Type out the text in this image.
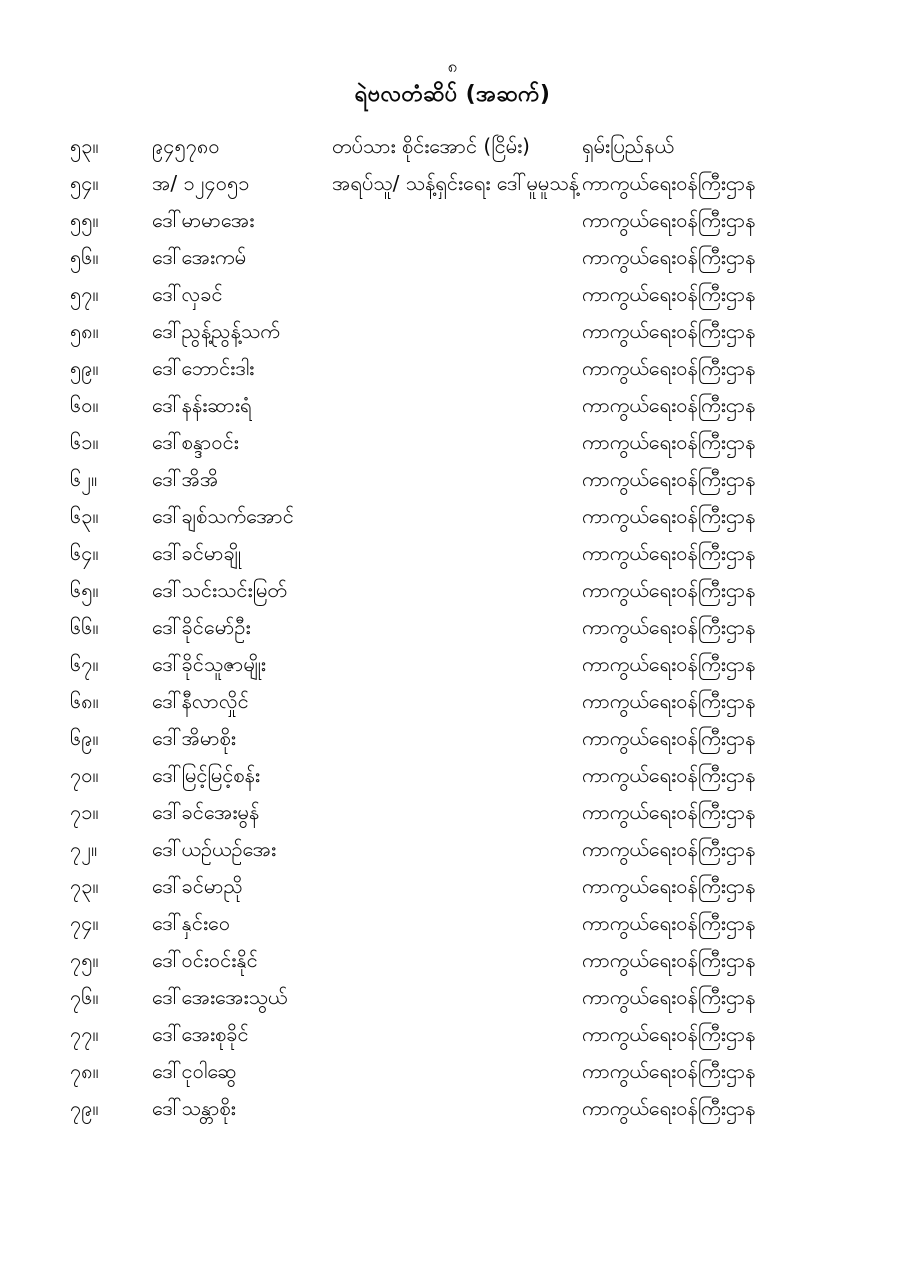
၈
ရဲဗလတံဆိပ် (အဆက်)
၅၃။	၉၄၅၇၈၀	တပ်သား စိုင်းအောင် (ငြိမ်း)	ရှမ်းပြည်နယ်
၅၄။	အ/ ၁၂၄၀၅၁	အရပ်သူ/ သန့်ရှင်းရေး ဒေါ်မူမူသန့်	ကာကွယ်ရေးဝန်ကြီးဌာန
၅၅။	ဒေါ်မာမာအေး		ကာကွယ်ရေးဝန်ကြီးဌာန
၅၆။	ဒေါ်အေးကမ်		ကာကွယ်ရေးဝန်ကြီးဌာန
၅၇။	ဒေါ်လှခင်		ကာကွယ်ရေးဝန်ကြီးဌာန
၅၈။	ဒေါ်ညွန့်ညွန့်သက်		ကာကွယ်ရေးဝန်ကြီးဌာန
၅၉။	ဒေါ်ဘောင်းဒါး		ကာကွယ်ရေးဝန်ကြီးဌာန
၆၀။	ဒေါ်နန်းဆားရံ		ကာကွယ်ရေးဝန်ကြီးဌာန
၆၁။	ဒေါ်စန္ဒာဝင်း		ကာကွယ်ရေးဝန်ကြီးဌာန
၆၂။	ဒေါ်အိအိ		ကာကွယ်ရေးဝန်ကြီးဌာန
၆၃။	ဒေါ်ချစ်သက်အောင်		ကာကွယ်ရေးဝန်ကြီးဌာန
၆၄။	ဒေါ်ခင်မာချို		ကာကွယ်ရေးဝန်ကြီးဌာန
၆၅။	ဒေါ်သင်းသင်းမြတ်		ကာကွယ်ရေးဝန်ကြီးဌာန
၆၆။	ဒေါ်ခိုင်မော်ဦး		ကာကွယ်ရေးဝန်ကြီးဌာန
၆၇။	ဒေါ်ခိုင်သူဇာမျိုး		ကာကွယ်ရေးဝန်ကြီးဌာန
၆၈။	ဒေါ်နီလာလှိုင်		ကာကွယ်ရေးဝန်ကြီးဌာန
၆၉။	ဒေါ်အိမာစိုး		ကာကွယ်ရေးဝန်ကြီးဌာန
၇၀။	ဒေါ်မြင့်မြင့်စန်း		ကာကွယ်ရေးဝန်ကြီးဌာန
၇၁။	ဒေါ်ခင်အေးမွန်		ကာကွယ်ရေးဝန်ကြီးဌာန
၇၂။	ဒေါ်ယဉ်ယဉ်အေး		ကာကွယ်ရေးဝန်ကြီးဌာန
၇၃။	ဒေါ်ခင်မာညို		ကာကွယ်ရေးဝန်ကြီးဌာန
၇၄။	ဒေါ်နှင်းဝေ		ကာကွယ်ရေးဝန်ကြီးဌာန
၇၅။	ဒေါ်ဝင်းဝင်းနိုင်		ကာကွယ်ရေးဝန်ကြီးဌာန
၇၆။	ဒေါ်အေးအေးသွယ်		ကာကွယ်ရေးဝန်ကြီးဌာန
၇၇။	ဒေါ်အေးစုခိုင်		ကာကွယ်ရေးဝန်ကြီးဌာန
၇၈။	ဒေါ်ငုဝါဆွေ		ကာကွယ်ရေးဝန်ကြီးဌာန
၇၉။	ဒေါ်သန္တာစိုး		ကာကွယ်ရေးဝန်ကြီးဌာန
